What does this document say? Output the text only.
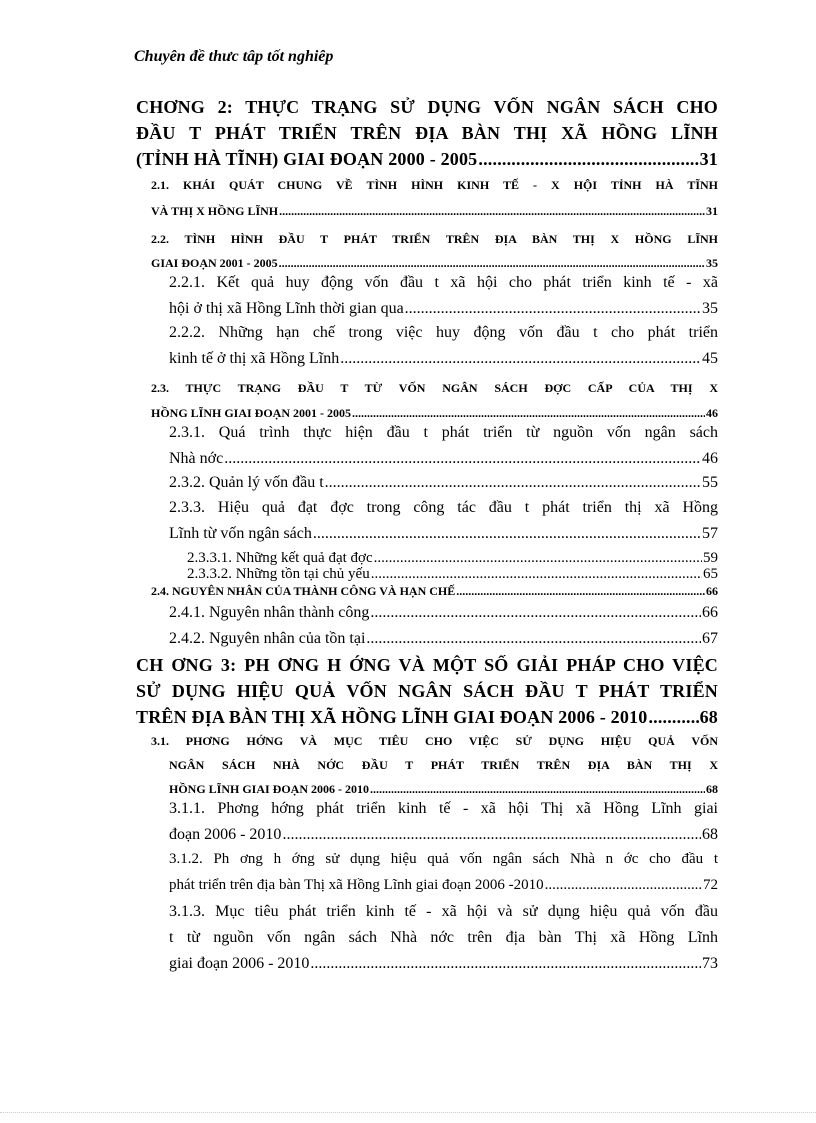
Chuyên đề thưc tâp tốt nghiêp
CHƠNG 2: THỰC TRẠNG SỬ DỤNG VỐN NGÂN SÁCH CHO
ĐẦU T PHÁT TRIỂN TRÊN ĐỊA BÀN THỊ XÃ HỒNG LĨNH
(TỈNH HÀ TĨNH) GIAI ĐOẠN 2000 - 2005 .....	31
2.1. KHÁI QUÁT CHUNG VỀ TÌNH HÌNH KINH TẾ - X HỘI TỈNH HÀ TĨNH
VÀ THỊ X HỒNG LĨNH .....	31
2.2. TÌNH HÌNH ĐẦU T PHÁT TRIỂN TRÊN ĐỊA BÀN THỊ X HỒNG LĨNH
GIAI ĐOẠN 2001 - 2005 .....	35
2.2.1. Kết quả huy động vốn đầu t xã hội cho phát triển kinh tế - xã
hội ở thị xã Hồng Lĩnh thời gian qua .....	35
2.2.2. Những hạn chế trong việc huy động vốn đầu t cho phát triển
kinh tế ở thị xã Hồng Lĩnh .....	45
2.3. THỰC TRẠNG ĐẦU T TỪ VỐN NGÂN SÁCH ĐỢC CẤP CỦA THỊ X
HỒNG LĨNH GIAI ĐOẠN 2001 - 2005 .....	46
2.3.1. Quá trình thực hiện đầu t phát triển từ nguồn vốn ngân sách
Nhà nớc .....	46
2.3.2. Quản lý vốn đầu t .....	55
2.3.3. Hiệu quả đạt đợc trong công tác đầu t phát triển thị xã Hồng
Lĩnh từ vốn ngân sách .....	57
2.3.3.1. Những kết quả đạt đợc .....	59
2.3.3.2. Những tồn tại chủ yếu .....	65
2.4. NGUYÊN NHÂN CỦA THÀNH CÔNG VÀ HẠN CHẾ .....	66
2.4.1. Nguyên nhân thành công .....	66
2.4.2. Nguyên nhân của tồn tại .....	67
CH ƠNG 3: PH ƠNG H ỚNG VÀ MỘT SỐ GIẢI PHÁP CHO VIỆC
SỬ DỤNG HIỆU QUẢ VỐN NGÂN SÁCH ĐẦU T PHÁT TRIỂN
TRÊN ĐỊA BÀN THỊ XÃ HỒNG LĨNH GIAI ĐOẠN 2006 - 2010 .....	68
3.1. PHƠNG HỚNG VÀ MỤC TIÊU CHO VIỆC SỬ DỤNG HIỆU QUẢ VỐN
NGÂN SÁCH NHÀ NỚC ĐẦU T PHÁT TRIỂN TRÊN ĐỊA BÀN THỊ X
HỒNG LĨNH GIAI ĐOẠN 2006 - 2010 .....	68
3.1.1. Phơng hớng phát triển kinh tế - xã hội Thị xã Hồng Lĩnh giai
đoạn 2006 - 2010 .....	68
3.1.2. Ph ơng h ớng sử dụng hiệu quả vốn ngân sách Nhà n ớc cho đầu t
phát triển trên địa bàn Thị xã Hồng Lĩnh giai đoạn 2006 -2010 .....	72
3.1.3. Mục tiêu phát triển kinh tế - xã hội và sử dụng hiệu quả vốn đầu
t từ nguồn vốn ngân sách Nhà nớc trên địa bàn Thị xã Hồng Lĩnh
giai đoạn 2006 - 2010 .....	73
